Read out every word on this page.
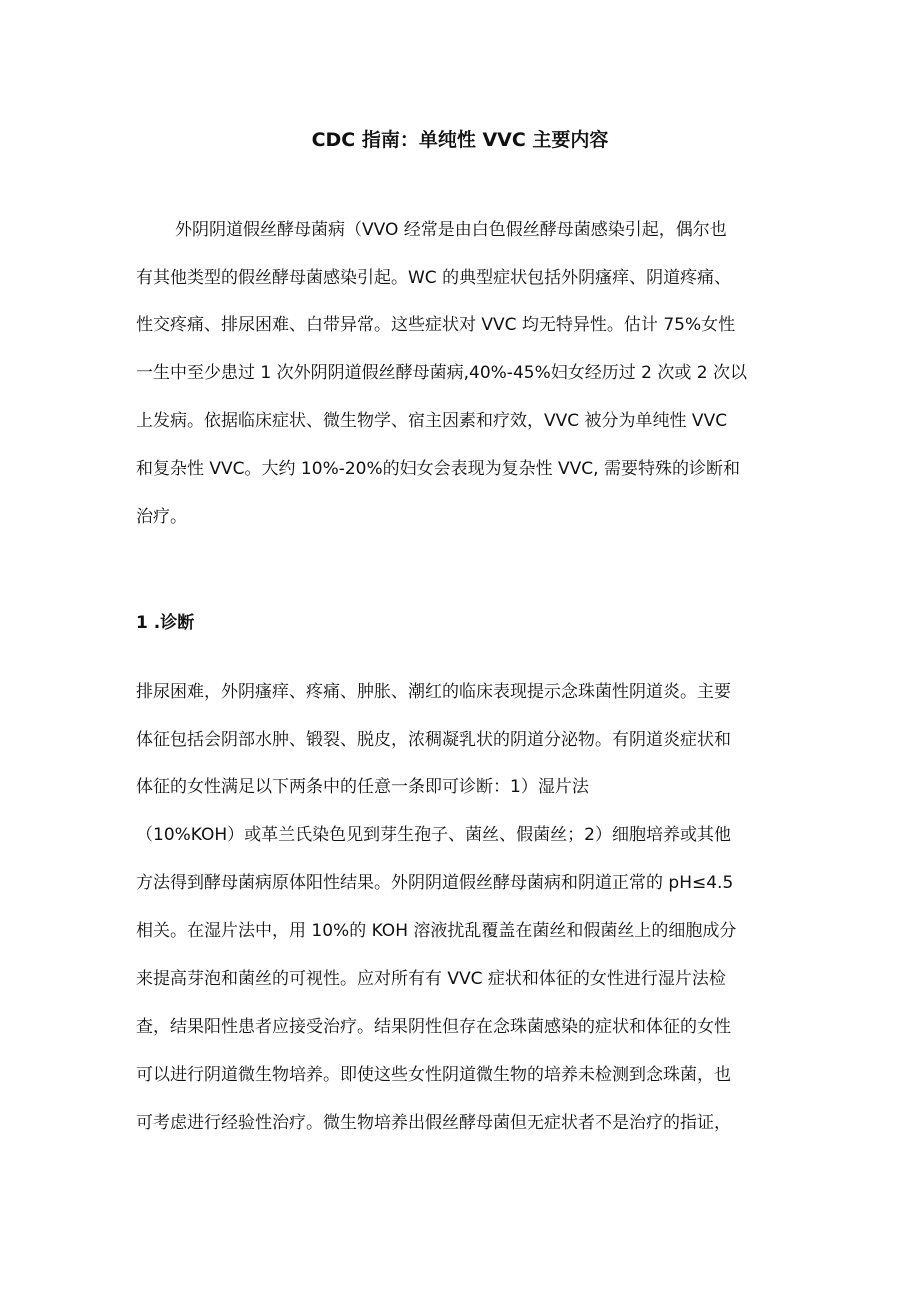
CDC 指南：单纯性 VVC 主要内容

外阴阴道假丝酵母菌病（VVO 经常是由白色假丝酵母菌感染引起，偶尔也

有其他类型的假丝酵母菌感染引起。WC 的典型症状包括外阴瘙痒、阴道疼痛、

性交疼痛、排尿困难、白带异常。这些症状对 VVC 均无特异性。估计 75%女性

一生中至少患过 1 次外阴阴道假丝酵母菌病,40%-45%妇女经历过 2 次或 2 次以

上发病。依据临床症状、微生物学、宿主因素和疗效，VVC 被分为单纯性 VVC

和复杂性 VVC。大约 10%-20%的妇女会表现为复杂性 VVC, 需要特殊的诊断和

治疗。

1 .诊断

排尿困难，外阴瘙痒、疼痛、肿胀、潮红的临床表现提示念珠菌性阴道炎。主要

体征包括会阴部水肿、锻裂、脱皮，浓稠凝乳状的阴道分泌物。有阴道炎症状和

体征的女性满足以下两条中的任意一条即可诊断：1）湿片法

（10%KOH）或革兰氏染色见到芽生孢子、菌丝、假菌丝；2）细胞培养或其他

方法得到酵母菌病原体阳性结果。外阴阴道假丝酵母菌病和阴道正常的 pH≤4.5

相关。在湿片法中，用 10%的 KOH 溶液扰乱覆盖在菌丝和假菌丝上的细胞成分

来提高芽泡和菌丝的可视性。应对所有有 VVC 症状和体征的女性进行湿片法检

查，结果阳性患者应接受治疗。结果阴性但存在念珠菌感染的症状和体征的女性

可以进行阴道微生物培养。即使这些女性阴道微生物的培养未检测到念珠菌，也

可考虑进行经验性治疗。微生物培养出假丝酵母菌但无症状者不是治疗的指证，
